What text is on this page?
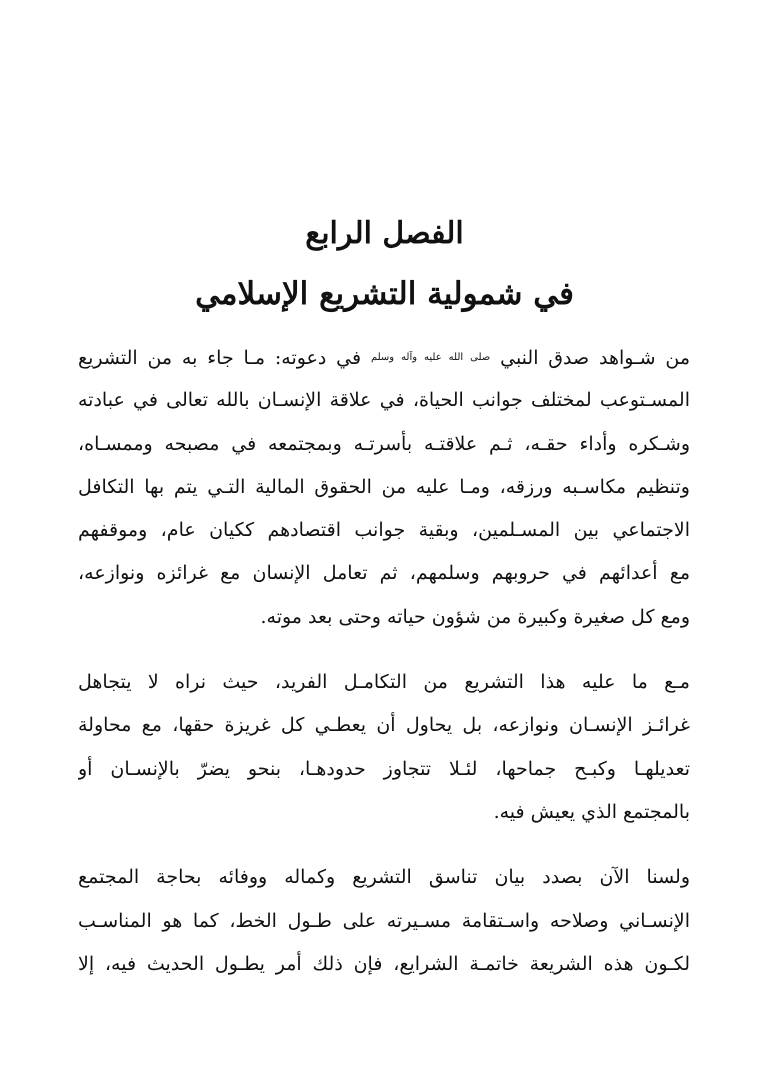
الفصل الرابع
في شمولية التشريع الإسلامي

من شـواهد صدق النبي $^{صلى الله عليه وآله وسلم}$ في دعوته: مـا جاء به من التشريع
المسـتوعب لمختلف جوانب الحياة، في علاقة الإنسـان بالله تعالى في عبادته
وشـكره وأداء حقـه، ثـم علاقتـه بأسرتـه وبمجتمعه في مصبحه وممسـاه،
وتنظيم مكاسـبه ورزقه، ومـا عليه من الحقوق المالية التـي يتم بها التكافل
الاجتماعي بين المسـلمين، وبقية جوانب اقتصادهم ككيان عام، وموقفهم
مع أعدائهم في حروبهم وسلمهم، ثم تعامل الإنسان مع غرائزه ونوازعه،
ومع كل صغيرة وكبيرة من شؤون حياته وحتى بعد موته.

مـع ما عليه هذا التشريع من التكامـل الفريد، حيث نراه لا يتجاهل
غرائـز الإنسـان ونوازعه، بل يحاول أن يعطـي كل غريزة حقها، مع محاولة
تعديلهـا وكبـح جماحها، لئـلا تتجاوز حدودهـا، بنحو يضرّ بالإنسـان أو
بالمجتمع الذي يعيش فيه.

ولسنا الآن بصدد بيان تناسق التشريع وكماله ووفائه بحاجة المجتمع
الإنسـاني وصلاحه واسـتقامة مسـيرته على طـول الخط، كما هو المناسـب
لكـون هذه الشريعة خاتمـة الشرايع، فإن ذلك أمر يطـول الحديث فيه، إلا
